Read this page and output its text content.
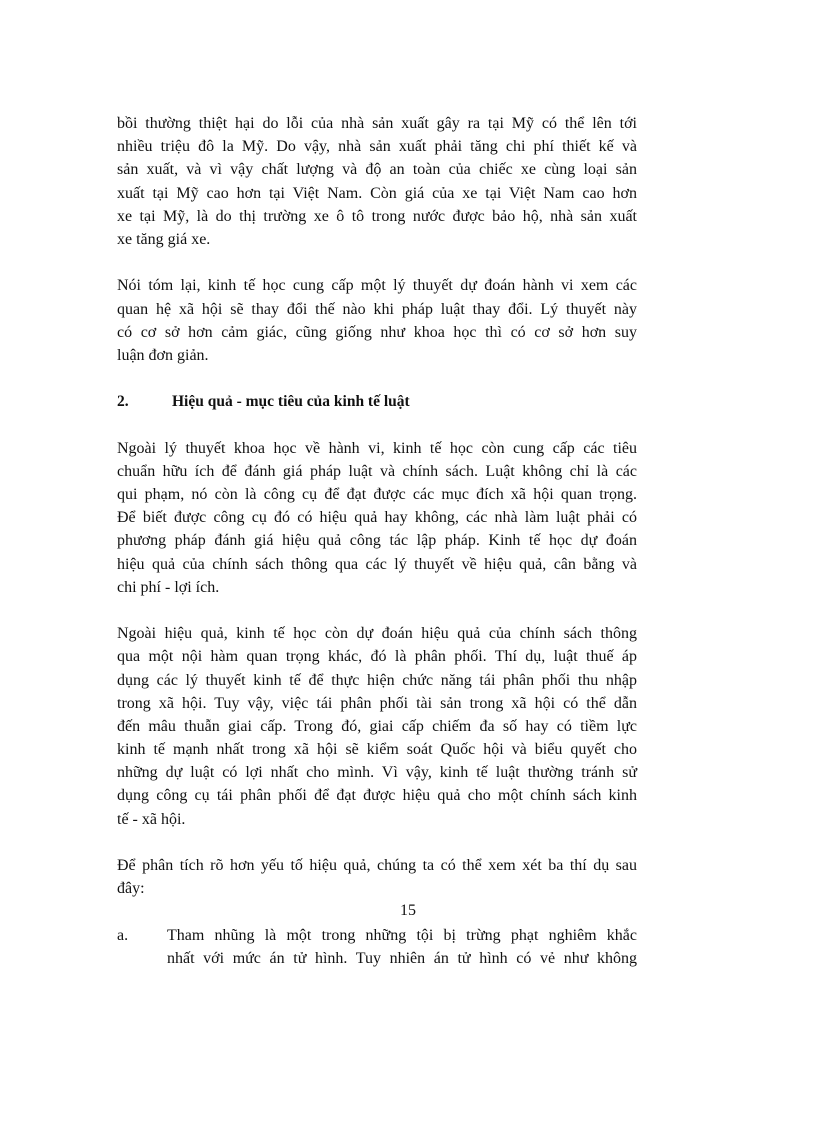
bồi thường thiệt hại do lỗi của nhà sản xuất gây ra tại Mỹ có thể lên tới
nhiều triệu đô la Mỹ. Do vậy, nhà sản xuất phải tăng chi phí thiết kế và
sản xuất, và vì vậy chất lượng và độ an toàn của chiếc xe cùng loại sản
xuất tại Mỹ cao hơn tại Việt Nam. Còn giá của xe tại Việt Nam cao hơn
xe tại Mỹ, là do thị trường xe ô tô trong nước được bảo hộ, nhà sản xuất
xe tăng giá xe.
Nói tóm lại, kinh tế học cung cấp một lý thuyết dự đoán hành vi xem các
quan hệ xã hội sẽ thay đổi thế nào khi pháp luật thay đổi. Lý thuyết này
có cơ sở hơn cảm giác, cũng giống như khoa học thì có cơ sở hơn suy
luận đơn giản.
2.	Hiệu quả - mục tiêu của kinh tế luật
Ngoài lý thuyết khoa học về hành vi, kinh tế học còn cung cấp các tiêu
chuẩn hữu ích để đánh giá pháp luật và chính sách. Luật không chỉ là các
qui phạm, nó còn là công cụ để đạt được các mục đích xã hội quan trọng.
Để biết được công cụ đó có hiệu quả hay không, các nhà làm luật phải có
phương pháp đánh giá hiệu quả công tác lập pháp. Kinh tế học dự đoán
hiệu quả của chính sách thông qua các lý thuyết về hiệu quả, cân bằng và
chi phí - lợi ích.
Ngoài hiệu quả, kinh tế học còn dự đoán hiệu quả của chính sách thông
qua một nội hàm quan trọng khác, đó là phân phối. Thí dụ, luật thuế áp
dụng các lý thuyết kinh tế để thực hiện chức năng tái phân phối thu nhập
trong xã hội. Tuy vậy, việc tái phân phối tài sản trong xã hội có thể dẫn
đến mâu thuẫn giai cấp. Trong đó, giai cấp chiếm đa số hay có tiềm lực
kinh tế mạnh nhất trong xã hội sẽ kiểm soát Quốc hội và biểu quyết cho
những dự luật có lợi nhất cho mình. Vì vậy, kinh tế luật thường tránh sử
dụng công cụ tái phân phối để đạt được hiệu quả cho một chính sách kinh
tế - xã hội.
Để phân tích rõ hơn yếu tố hiệu quả, chúng ta có thể xem xét ba thí dụ sau
đây:
a.	Tham nhũng là một trong những tội bị trừng phạt nghiêm khắc
nhất với mức án tử hình. Tuy nhiên án tử hình có vẻ như không
15
